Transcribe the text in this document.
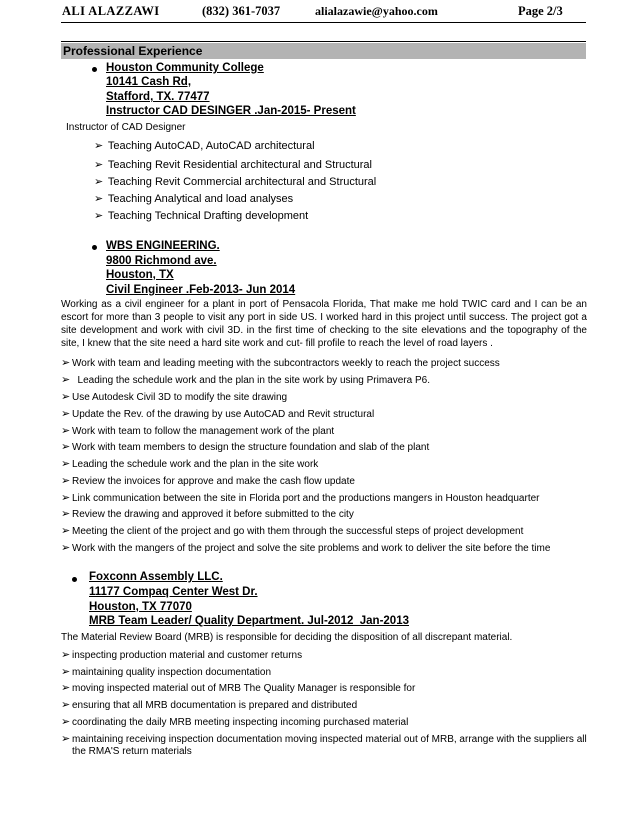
ALI ALAZZAWI	(832) 361-7037	alialazawie@yahoo.com	Page 2/3
Professional Experience
Houston Community College
10141 Cash Rd,
Stafford, TX. 77477
Instructor CAD DESINGER .Jan-2015- Present
Instructor of CAD Designer
➢ Teaching AutoCAD, AutoCAD architectural
➢ Teaching Revit Residential architectural and Structural
➢ Teaching Revit Commercial architectural and Structural
➢ Teaching Analytical and load analyses
➢ Teaching Technical Drafting development
WBS ENGINEERING.
9800 Richmond ave.
Houston, TX
Civil Engineer .Feb-2013- Jun 2014
Working as a civil engineer for a plant in port of Pensacola Florida, That make me hold TWIC card and I can be an escort for more than 3 people to visit any port in side US. I worked hard in this project until success. The project got a site development and work with civil 3D. in the first time of checking to the site elevations and the topography of the site, I knew that the site need a hard site work and cut- fill profile to reach the level of road layers .
➢ Work with team and leading meeting with the subcontractors weekly to reach the project success
➢  Leading the schedule work and the plan in the site work by using Primavera P6.
➢ Use Autodesk Civil 3D to modify the site drawing
➢ Update the Rev. of the drawing by use AutoCAD and Revit structural
➢ Work with team to follow the management work of the plant
➢ Work with team members to design the structure foundation and slab of the plant
➢ Leading the schedule work and the plan in the site work
➢ Review the invoices for approve and make the cash flow update
➢ Link communication between the site in Florida port and the productions mangers in Houston headquarter
➢ Review the drawing and approved it before submitted to the city
➢ Meeting the client of the project and go with them through the successful steps of project development
➢ Work with the mangers of the project and solve the site problems and work to deliver the site before the time
Foxconn Assembly LLC.
11177 Compaq Center West Dr.
Houston, TX 77070
MRB Team Leader/ Quality Department. Jul-2012_Jan-2013
The Material Review Board (MRB) is responsible for deciding the disposition of all discrepant material.
➢ inspecting production material and customer returns
➢ maintaining quality inspection documentation
➢ moving inspected material out of MRB The Quality Manager is responsible for
➢ ensuring that all MRB documentation is prepared and distributed
➢ coordinating the daily MRB meeting inspecting incoming purchased material
➢ maintaining receiving inspection documentation moving inspected material out of MRB, arrange with the suppliers all the RMA'S return materials
